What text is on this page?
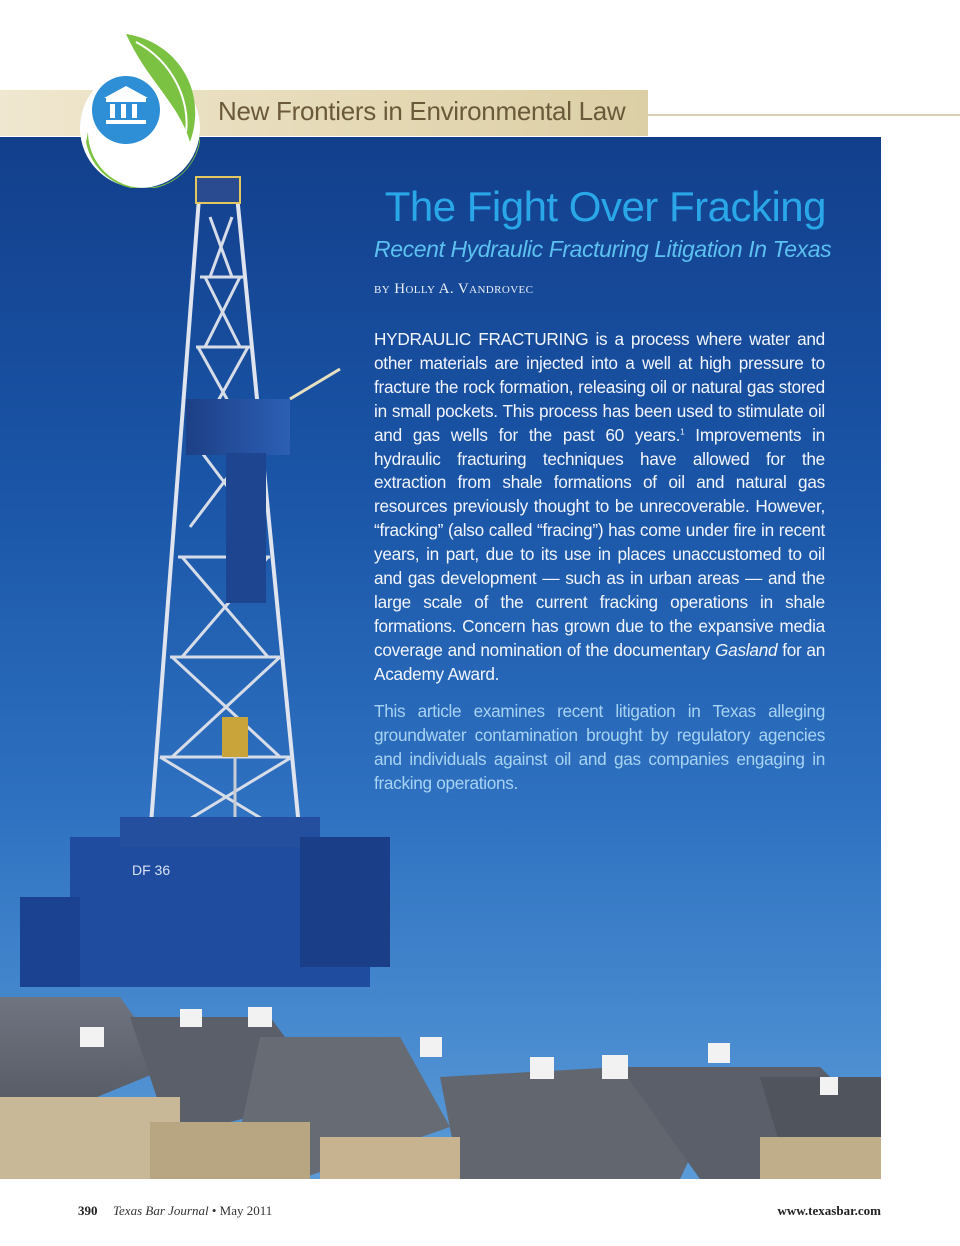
New Frontiers in Environmental Law
DF 36
The Fight Over Fracking
Recent Hydraulic Fracturing Litigation In Texas
by Holly A. Vandrovec
HYDRAULIC FRACTURING is a process where water and other materials are injected into a well at high pressure to fracture the rock formation, releasing oil or natural gas stored in small pockets. This process has been used to stimulate oil and gas wells for the past 60 years.$^1$ Improvements in hydraulic fracturing techniques have allowed for the extraction from shale formations of oil and natural gas resources previously thought to be unrecoverable. However, “fracking” (also called “fracing”) has come under fire in recent years, in part, due to its use in places unaccustomed to oil and gas development — such as in urban areas — and the large scale of the current fracking operations in shale formations. Concern has grown due to the expansive media coverage and nomination of the documentary Gasland for an Academy Award.
This article examines recent litigation in Texas alleging groundwater contamination brought by regulatory agencies and individuals against oil and gas companies engaging in fracking operations.
390 Texas Bar Journal • May 2011	www.texasbar.com
